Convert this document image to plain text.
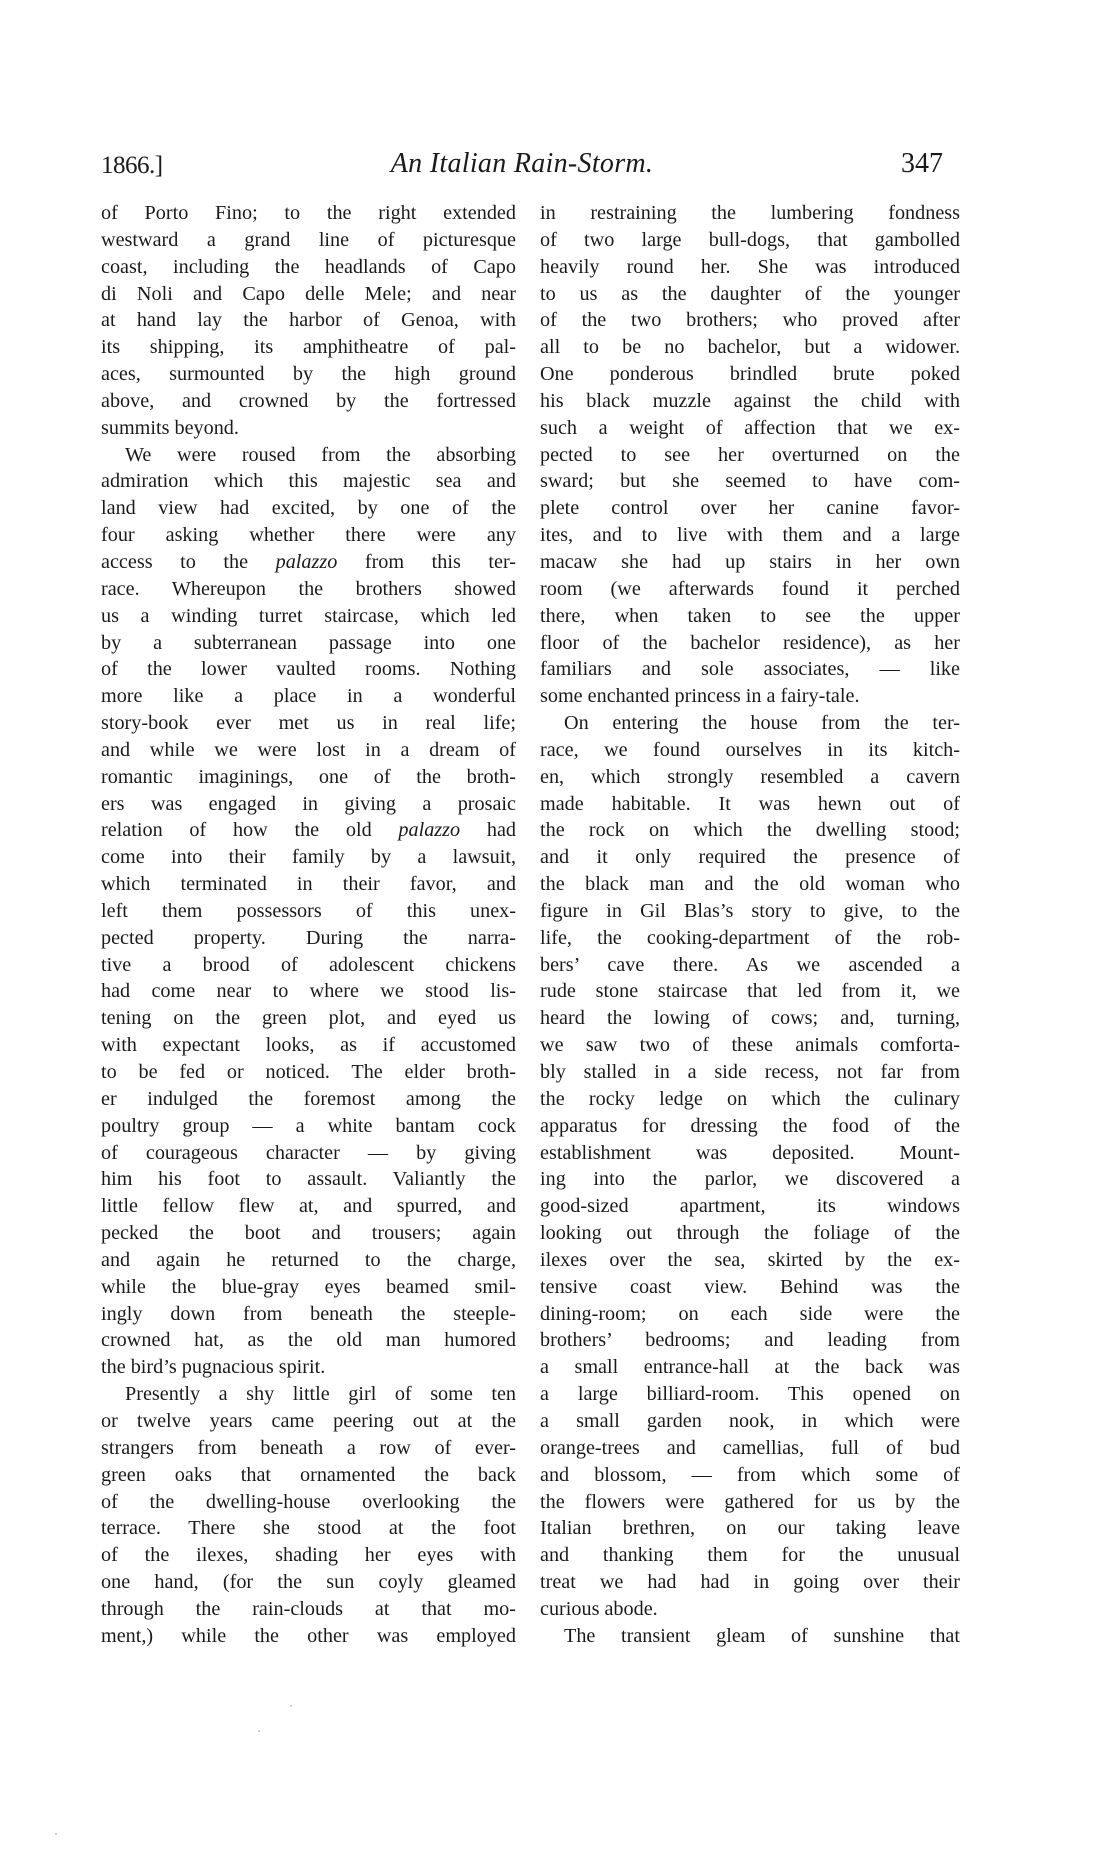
1866.]	An Italian Rain-Storm.	347
of Porto Fino; to the right extended
westward a grand line of picturesque
coast, including the headlands of Capo
di Noli and Capo delle Mele; and near
at hand lay the harbor of Genoa, with
its shipping, its amphitheatre of pal-
aces, surmounted by the high ground
above, and crowned by the fortressed
summits beyond.
We were roused from the absorbing
admiration which this majestic sea and
land view had excited, by one of the
four asking whether there were any
access to the palazzo from this ter-
race. Whereupon the brothers showed
us a winding turret staircase, which led
by a subterranean passage into one
of the lower vaulted rooms. Nothing
more like a place in a wonderful
story-book ever met us in real life;
and while we were lost in a dream of
romantic imaginings, one of the broth-
ers was engaged in giving a prosaic
relation of how the old palazzo had
come into their family by a lawsuit,
which terminated in their favor, and
left them possessors of this unex-
pected property. During the narra-
tive a brood of adolescent chickens
had come near to where we stood lis-
tening on the green plot, and eyed us
with expectant looks, as if accustomed
to be fed or noticed. The elder broth-
er indulged the foremost among the
poultry group — a white bantam cock
of courageous character — by giving
him his foot to assault. Valiantly the
little fellow flew at, and spurred, and
pecked the boot and trousers; again
and again he returned to the charge,
while the blue-gray eyes beamed smil-
ingly down from beneath the steeple-
crowned hat, as the old man humored
the bird’s pugnacious spirit.
Presently a shy little girl of some ten
or twelve years came peering out at the
strangers from beneath a row of ever-
green oaks that ornamented the back
of the dwelling-house overlooking the
terrace. There she stood at the foot
of the ilexes, shading her eyes with
one hand, (for the sun coyly gleamed
through the rain-clouds at that mo-
ment,) while the other was employed
in restraining the lumbering fondness
of two large bull-dogs, that gambolled
heavily round her. She was introduced
to us as the daughter of the younger
of the two brothers; who proved after
all to be no bachelor, but a widower.
One ponderous brindled brute poked
his black muzzle against the child with
such a weight of affection that we ex-
pected to see her overturned on the
sward; but she seemed to have com-
plete control over her canine favor-
ites, and to live with them and a large
macaw she had up stairs in her own
room (we afterwards found it perched
there, when taken to see the upper
floor of the bachelor residence), as her
familiars and sole associates, — like
some enchanted princess in a fairy-tale.
On entering the house from the ter-
race, we found ourselves in its kitch-
en, which strongly resembled a cavern
made habitable. It was hewn out of
the rock on which the dwelling stood;
and it only required the presence of
the black man and the old woman who
figure in Gil Blas’s story to give, to the
life, the cooking-department of the rob-
bers’ cave there. As we ascended a
rude stone staircase that led from it, we
heard the lowing of cows; and, turning,
we saw two of these animals comforta-
bly stalled in a side recess, not far from
the rocky ledge on which the culinary
apparatus for dressing the food of the
establishment was deposited. Mount-
ing into the parlor, we discovered a
good-sized apartment, its windows
looking out through the foliage of the
ilexes over the sea, skirted by the ex-
tensive coast view. Behind was the
dining-room; on each side were the
brothers’ bedrooms; and leading from
a small entrance-hall at the back was
a large billiard-room. This opened on
a small garden nook, in which were
orange-trees and camellias, full of bud
and blossom, — from which some of
the flowers were gathered for us by the
Italian brethren, on our taking leave
and thanking them for the unusual
treat we had had in going over their
curious abode.
The transient gleam of sunshine that
